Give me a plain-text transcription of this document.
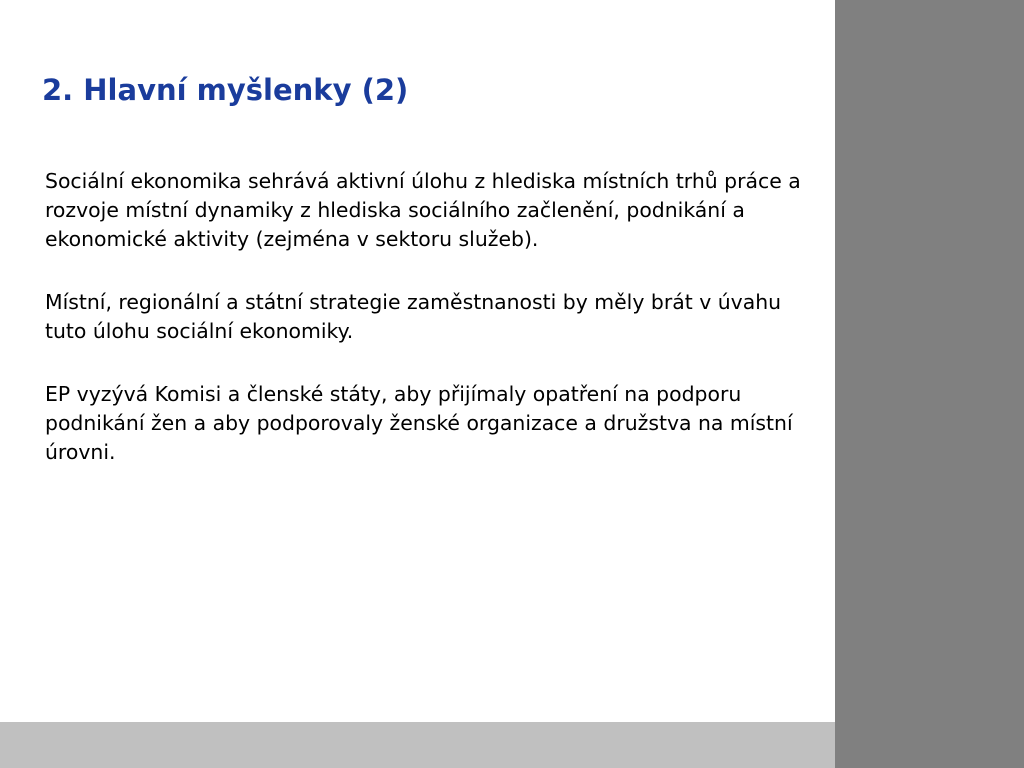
2. Hlavní myšlenky (2)

Sociální ekonomika sehrává aktivní úlohu z hlediska místních trhů práce a rozvoje místní dynamiky z hlediska sociálního začlenění, podnikání a ekonomické aktivity (zejména v sektoru služeb).

Místní, regionální a státní strategie zaměstnanosti by měly brát v úvahu tuto úlohu sociální ekonomiky.

EP vyzývá Komisi a členské státy, aby přijímaly opatření na podporu podnikání žen a aby podporovaly ženské organizace a družstva na místní úrovni.
